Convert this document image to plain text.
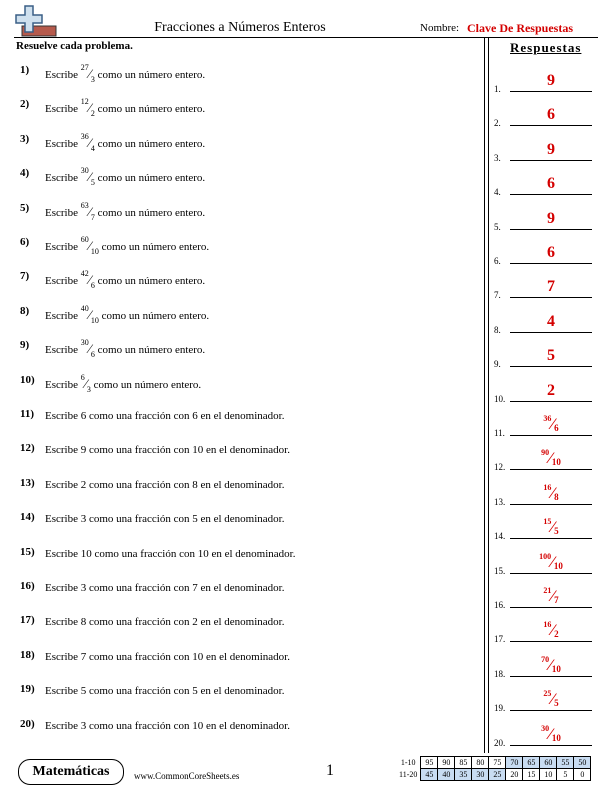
Fracciones a Números Enteros	Nombre: Clave De Respuestas
Resuelve cada problema.	Respuestas
1)	Escribe $^{27}$⁄3 como un número entero.
2)	Escribe $^{12}$⁄2 como un número entero.
3)	Escribe $^{36}$⁄4 como un número entero.
4)	Escribe $^{30}$⁄5 como un número entero.
5)	Escribe $^{63}$⁄7 como un número entero.
6)	Escribe $^{60}$⁄10 como un número entero.
7)	Escribe $^{42}$⁄6 como un número entero.
8)	Escribe $^{40}$⁄10 como un número entero.
9)	Escribe $^{30}$⁄6 como un número entero.
10) Escribe $^6$⁄3 como un número entero.
11) Escribe 6 como una fracción con 6 en el denominador.
12) Escribe 9 como una fracción con 10 en el denominador.
13) Escribe 2 como una fracción con 8 en el denominador.
14) Escribe 3 como una fracción con 5 en el denominador.
15) Escribe 10 como una fracción con 10 en el denominador.
16) Escribe 3 como una fracción con 7 en el denominador.
17) Escribe 8 como una fracción con 2 en el denominador.
18) Escribe 7 como una fracción con 10 en el denominador.
19) Escribe 5 como una fracción con 5 en el denominador.
20) Escribe 3 como una fracción con 10 en el denominador.
1.	9
2.	6
3.	9
4.	6
5.	9
6.	6
7.	7
8.	4
9.	5
10.	2
11.
$^{36}$⁄6
12.
$^{90}$⁄10
13.
$^{16}$⁄8
14.
$^{15}$⁄5
15.
$^{100}$⁄10
16.
$^{21}$⁄7
17.
$^{16}$⁄2
18.
$^{70}$⁄10
19.
$^{25}$⁄5
20.
$^{30}$⁄10
Matemáticas	www.CommonCoreSheets.es	1	1-10	95	90	85	80	75	70	65	60	55	50
11-20	45	40	35	30	25	20	15	10	5	0
